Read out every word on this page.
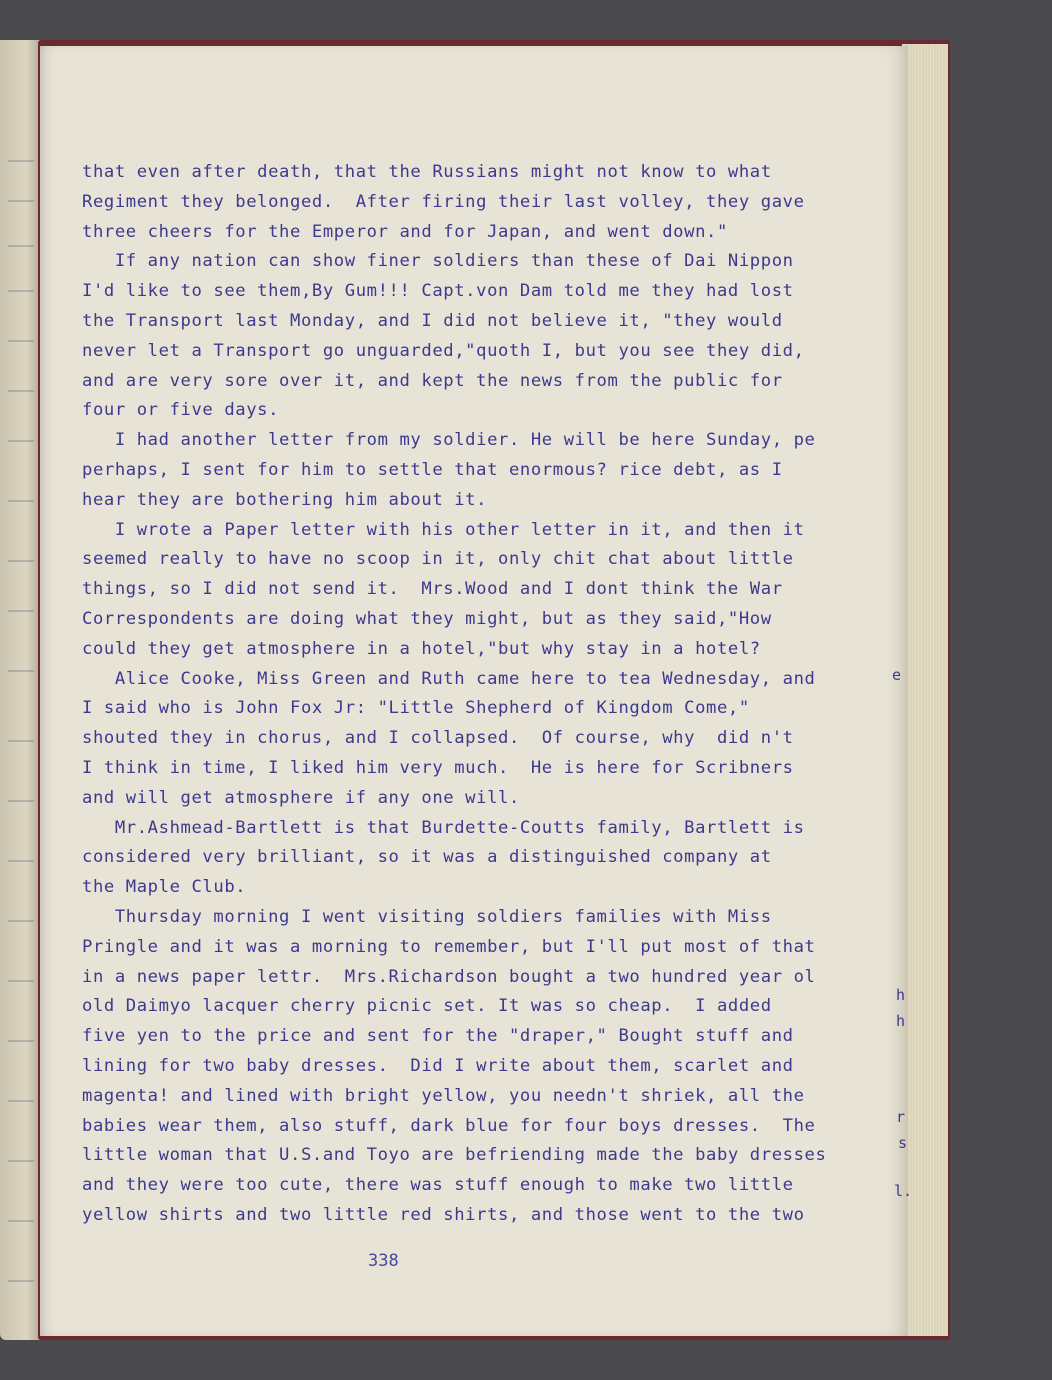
that even after death, that the Russians might not know to what
Regiment they belonged.  After firing their last volley, they gave
three cheers for the Emperor and for Japan, and went down."
If any nation can show finer soldiers than these of Dai Nippon
I'd like to see them,By Gum!!! Capt.von Dam told me they had lost
the Transport last Monday, and I did not believe it, "they would
never let a Transport go unguarded,"quoth I, but you see they did,
and are very sore over it, and kept the news from the public for
four or five days.
I had another letter from my soldier. He will be here Sunday, pe
perhaps, I sent for him to settle that enormous? rice debt, as I
hear they are bothering him about it.
I wrote a Paper letter with his other letter in it, and then it
seemed really to have no scoop in it, only chit chat about little
things, so I did not send it.  Mrs.Wood and I dont think the War
Correspondents are doing what they might, but as they said,"How
could they get atmosphere in a hotel,"but why stay in a hotel?
Alice Cooke, Miss Green and Ruth came here to tea Wednesday, and
I said who is John Fox Jr: "Little Shepherd of Kingdom Come,"
shouted they in chorus, and I collapsed.  Of course, why  did n't
I think in time, I liked him very much.  He is here for Scribners
and will get atmosphere if any one will.
Mr.Ashmead-Bartlett is that Burdette-Coutts family, Bartlett is
considered very brilliant, so it was a distinguished company at
the Maple Club.
Thursday morning I went visiting soldiers families with Miss
Pringle and it was a morning to remember, but I'll put most of that
in a news paper lettr.  Mrs.Richardson bought a two hundred year ol
old Daimyo lacquer cherry picnic set. It was so cheap.  I added
five yen to the price and sent for the "draper," Bought stuff and
lining for two baby dresses.  Did I write about them, scarlet and
magenta! and lined with bright yellow, you needn't shriek, all the
babies wear them, also stuff, dark blue for four boys dresses.  The
little woman that U.S.and Toyo are befriending made the baby dresses
and they were too cute, there was stuff enough to make two little
yellow shirts and two little red shirts, and those went to the two
338
e
h
h
r
s
l.
